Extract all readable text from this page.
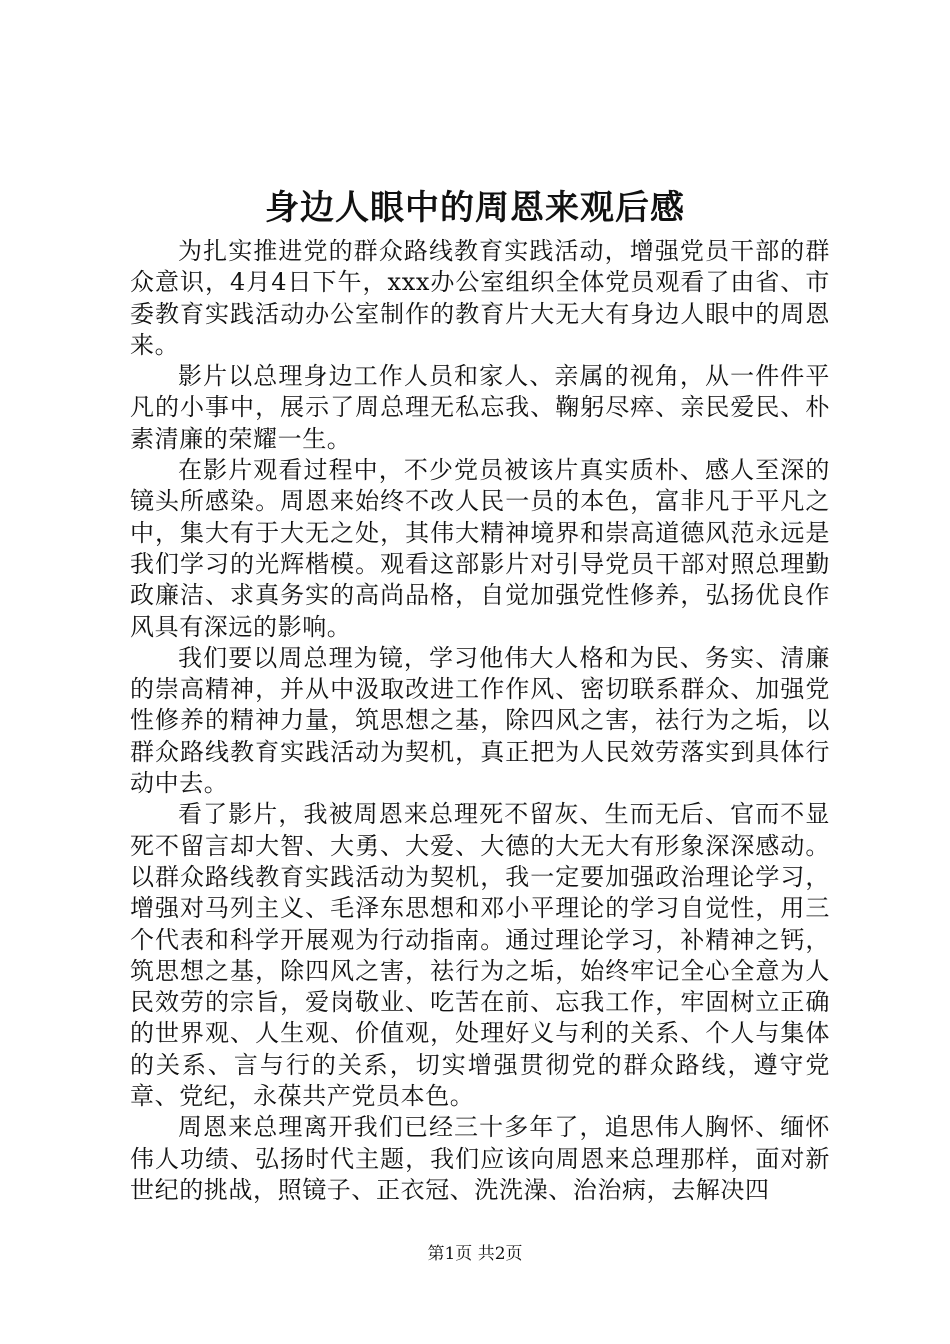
身边人眼中的周恩来观后感

为扎实推进党的群众路线教育实践活动，增强党员干部的群众意识，4月4日下午，xxx办公室组织全体党员观看了由省、市委教育实践活动办公室制作的教育片大无大有身边人眼中的周恩来。

影片以总理身边工作人员和家人、亲属的视角，从一件件平凡的小事中，展示了周总理无私忘我、鞠躬尽瘁、亲民爱民、朴素清廉的荣耀一生。

在影片观看过程中，不少党员被该片真实质朴、感人至深的镜头所感染。周恩来始终不改人民一员的本色，富非凡于平凡之中，集大有于大无之处，其伟大精神境界和崇高道德风范永远是我们学习的光辉楷模。观看这部影片对引导党员干部对照总理勤政廉洁、求真务实的高尚品格，自觉加强党性修养，弘扬优良作风具有深远的影响。

我们要以周总理为镜，学习他伟大人格和为民、务实、清廉的崇高精神，并从中汲取改进工作作风、密切联系群众、加强党性修养的精神力量，筑思想之基，除四风之害，祛行为之垢，以群众路线教育实践活动为契机，真正把为人民效劳落实到具体行动中去。

看了影片，我被周恩来总理死不留灰、生而无后、官而不显死不留言却大智、大勇、大爱、大德的大无大有形象深深感动。以群众路线教育实践活动为契机，我一定要加强政治理论学习，增强对马列主义、毛泽东思想和邓小平理论的学习自觉性，用三个代表和科学开展观为行动指南。通过理论学习，补精神之钙，筑思想之基，除四风之害，祛行为之垢，始终牢记全心全意为人民效劳的宗旨，爱岗敬业、吃苦在前、忘我工作，牢固树立正确的世界观、人生观、价值观，处理好义与利的关系、个人与集体的关系、言与行的关系，切实增强贯彻党的群众路线，遵守党章、党纪，永葆共产党员本色。

周恩来总理离开我们已经三十多年了，追思伟人胸怀、缅怀伟人功绩、弘扬时代主题，我们应该向周恩来总理那样，面对新世纪的挑战，照镜子、正衣冠、洗洗澡、治治病，去解决四

第1页 共2页
